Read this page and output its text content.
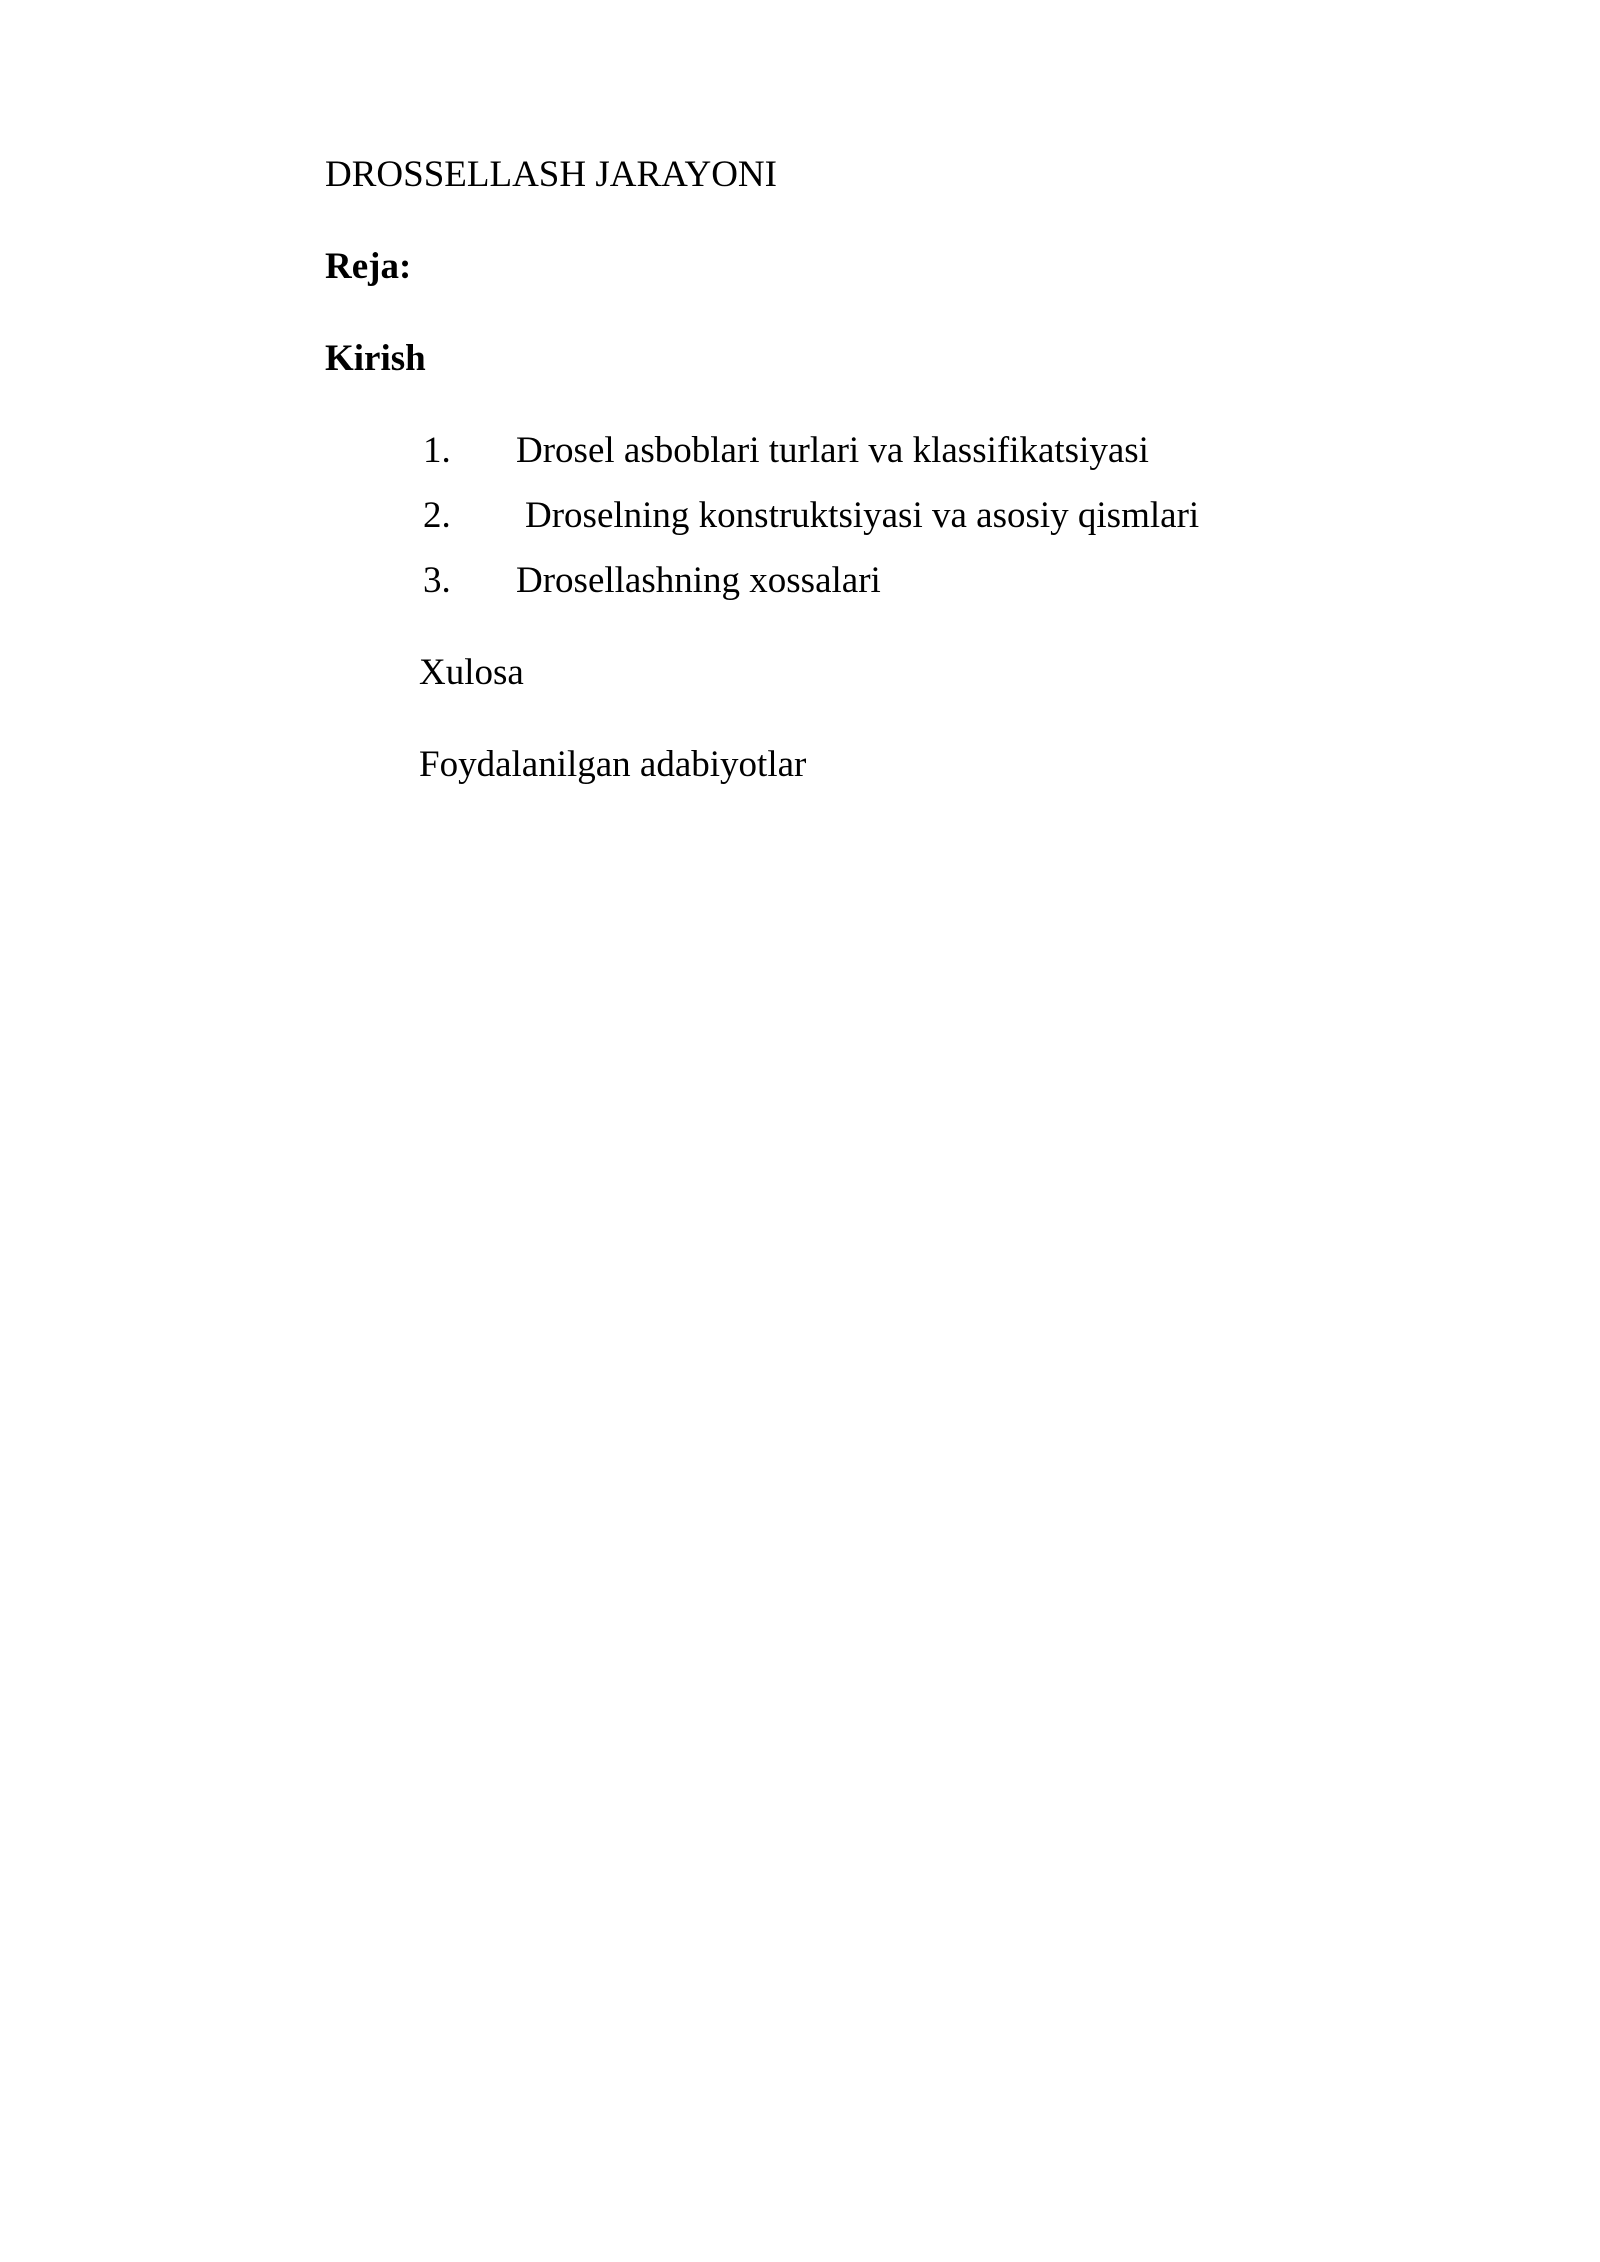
DROSSELLASH JARAYONI
Reja:
Kirish
1. Drosel asboblari turlari va klassifikatsiyasi
2. Droselning konstruktsiyasi va asosiy qismlari
3. Drosellashning xossalari
Xulosa
Foydalanilgan adabiyotlar
